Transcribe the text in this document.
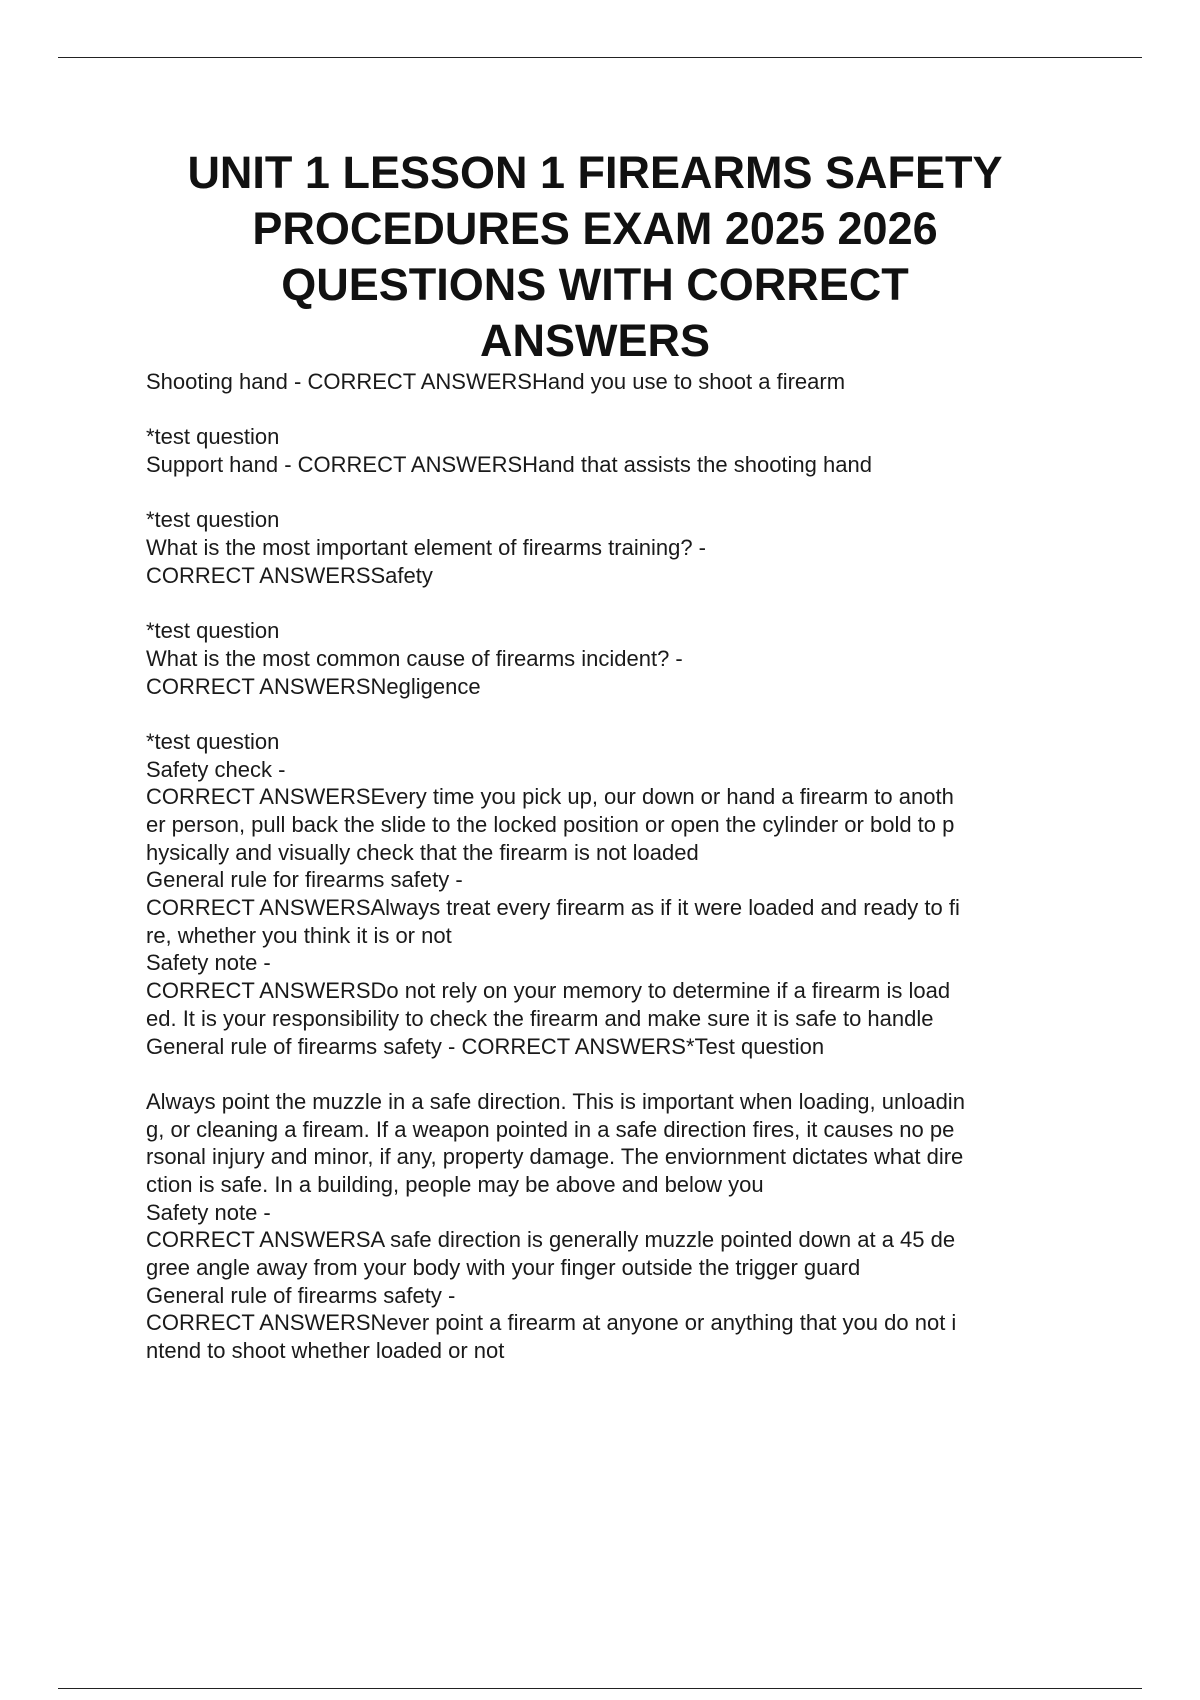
UNIT 1 LESSON 1 FIREARMS SAFETY
PROCEDURES EXAM 2025 2026
QUESTIONS WITH CORRECT
ANSWERS
Shooting hand - CORRECT ANSWERSHand you use to shoot a firearm
*test question
Support hand - CORRECT ANSWERSHand that assists the shooting hand
*test question
What is the most important element of firearms training? -
CORRECT ANSWERSSafety
*test question
What is the most common cause of firearms incident? -
CORRECT ANSWERSNegligence
*test question
Safety check -
CORRECT ANSWERSEvery time you pick up, our down or hand a firearm to anoth
er person, pull back the slide to the locked position or open the cylinder or bold to p
hysically and visually check that the firearm is not loaded
General rule for firearms safety -
CORRECT ANSWERSAlways treat every firearm as if it were loaded and ready to fi
re, whether you think it is or not
Safety note -
CORRECT ANSWERSDo not rely on your memory to determine if a firearm is load
ed. It is your responsibility to check the firearm and make sure it is safe to handle
General rule of firearms safety - CORRECT ANSWERS*Test question
Always point the muzzle in a safe direction. This is important when loading, unloadin
g, or cleaning a fiream. If a weapon pointed in a safe direction fires, it causes no pe
rsonal injury and minor, if any, property damage. The enviornment dictates what dire
ction is safe. In a building, people may be above and below you
Safety note -
CORRECT ANSWERSA safe direction is generally muzzle pointed down at a 45 de
gree angle away from your body with your finger outside the trigger guard
General rule of firearms safety -
CORRECT ANSWERSNever point a firearm at anyone or anything that you do not i
ntend to shoot whether loaded or not
